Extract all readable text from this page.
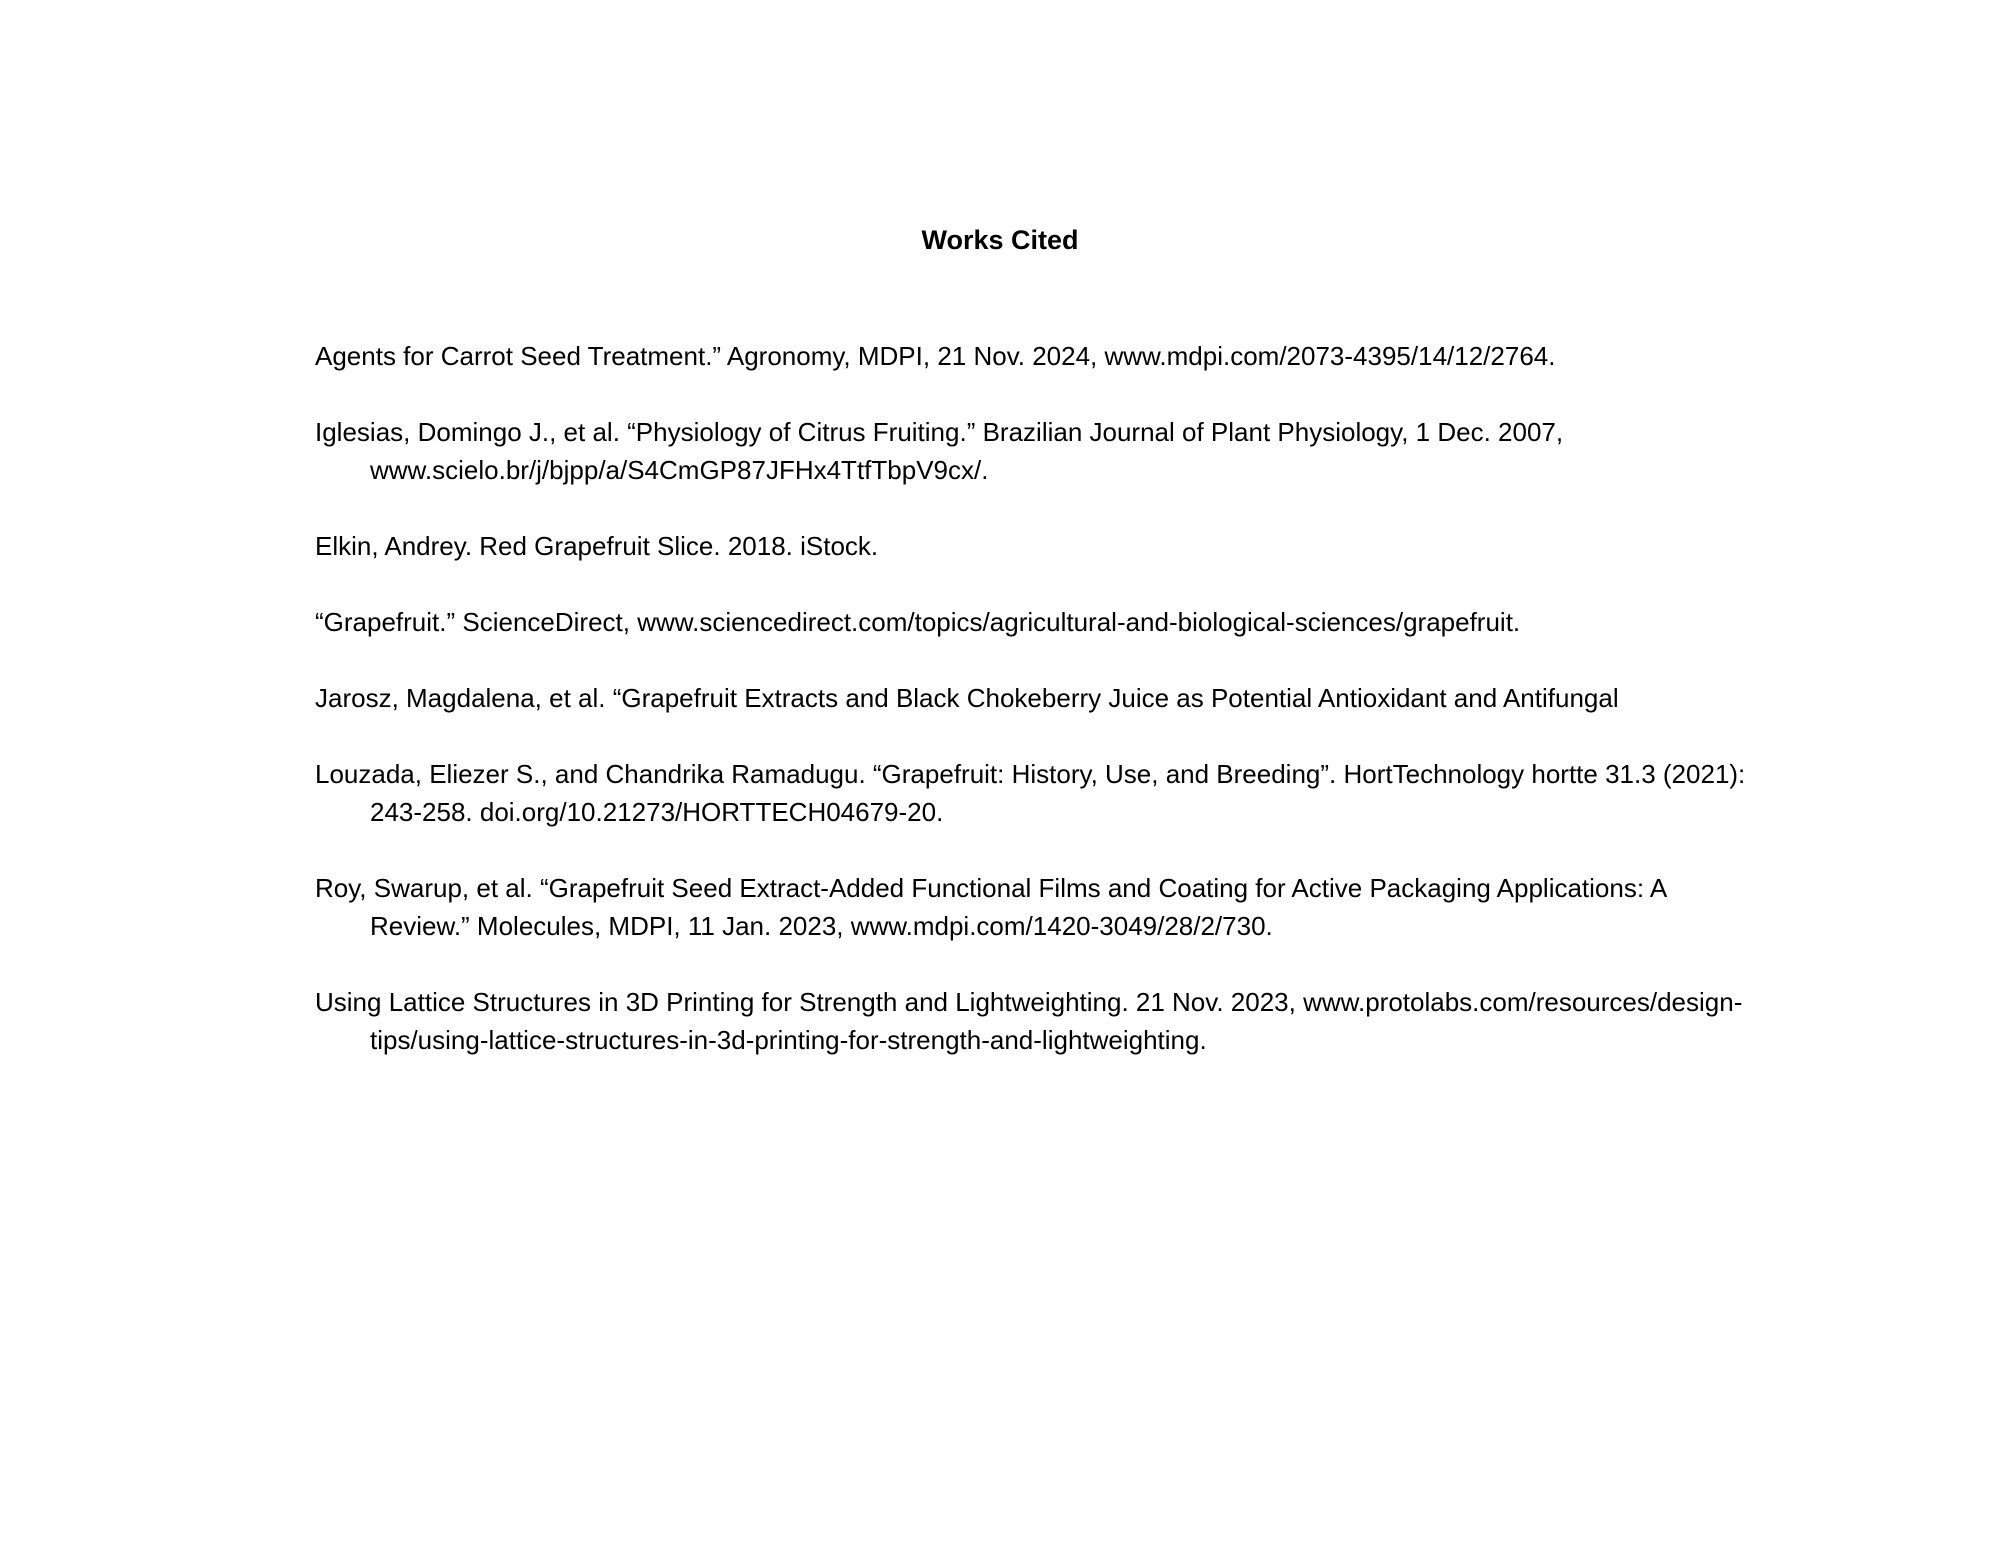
Works Cited

Agents for Carrot Seed Treatment.” Agronomy, MDPI, 21 Nov. 2024, www.mdpi.com/2073-4395/14/12/2764.

Iglesias, Domingo J., et al. “Physiology of Citrus Fruiting.” Brazilian Journal of Plant Physiology, 1 Dec. 2007, www.scielo.br/j/bjpp/a/S4CmGP87JFHx4TtfTbpV9cx/.

Elkin, Andrey. Red Grapefruit Slice. 2018. iStock.

“Grapefruit.” ScienceDirect, www.sciencedirect.com/topics/agricultural-and-biological-sciences/grapefruit.

Jarosz, Magdalena, et al. “Grapefruit Extracts and Black Chokeberry Juice as Potential Antioxidant and Antifungal

Louzada, Eliezer S., and Chandrika Ramadugu. “Grapefruit: History, Use, and Breeding”. HortTechnology hortte 31.3 (2021): 243-258. doi.org/10.21273/HORTTECH04679-20.

Roy, Swarup, et al. “Grapefruit Seed Extract-Added Functional Films and Coating for Active Packaging Applications: A Review.” Molecules, MDPI, 11 Jan. 2023, www.mdpi.com/1420-3049/28/2/730.

Using Lattice Structures in 3D Printing for Strength and Lightweighting. 21 Nov. 2023, www.protolabs.com/resources/design-tips/using-lattice-structures-in-3d-printing-for-strength-and-lightweighting.
